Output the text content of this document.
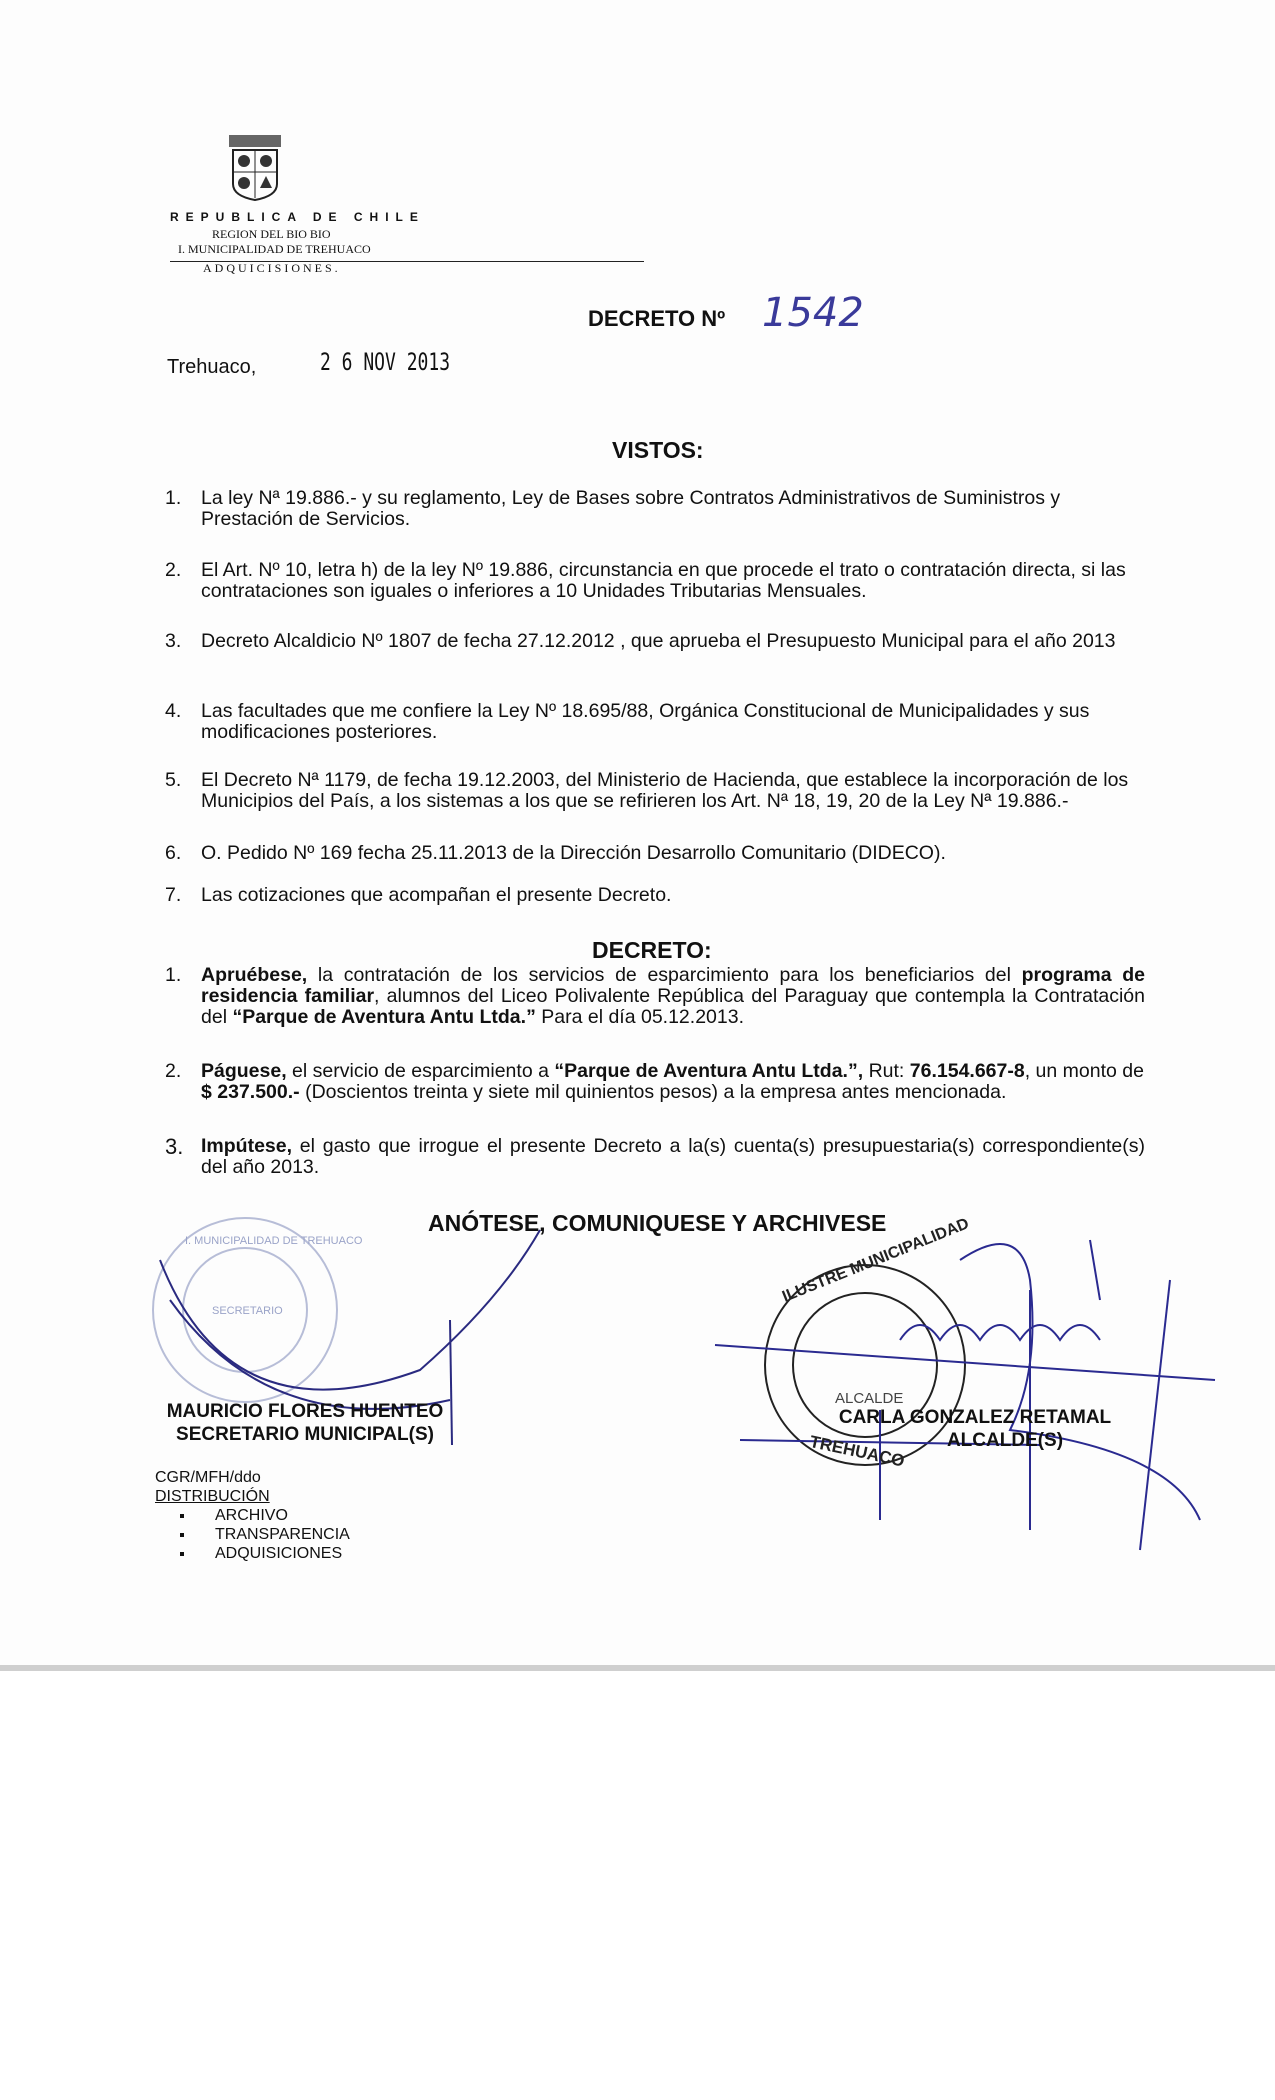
REPUBLICA DE CHILE
REGION DEL BIO BIO
I. MUNICIPALIDAD DE TREHUACO
ADQUICISIONES.
DECRETO Nº 1542
Trehuaco,	2 6 NOV 2013
VISTOS:
1. La ley Nª 19.886.- y su reglamento, Ley de Bases sobre Contratos Administrativos de Suministros y Prestación de Servicios.
2. El Art. Nº 10, letra h) de la ley Nº 19.886, circunstancia en que procede el trato o contratación directa, si las contrataciones son iguales o inferiores a 10 Unidades Tributarias Mensuales.
3. Decreto Alcaldicio Nº 1807 de fecha 27.12.2012 , que aprueba el Presupuesto Municipal para el año 2013
4. Las facultades que me confiere la Ley Nº 18.695/88, Orgánica Constitucional de Municipalidades y sus modificaciones posteriores.
5. El Decreto Nª 1179, de fecha 19.12.2003, del Ministerio de Hacienda, que establece la incorporación de los Municipios del País, a los sistemas a los que se refirieren los Art. Nª 18, 19, 20 de la Ley Nª 19.886.-
6. O. Pedido Nº 169 fecha 25.11.2013 de la Dirección Desarrollo Comunitario (DIDECO).
7. Las cotizaciones que acompañan el presente Decreto.
DECRETO:
1. Apruébese, la contratación de los servicios de esparcimiento para los beneficiarios del programa de residencia familiar, alumnos del Liceo Polivalente República del Paraguay que contempla la Contratación del “Parque de Aventura Antu Ltda.” Para el día 05.12.2013.
2. Páguese, el servicio de esparcimiento a “Parque de Aventura Antu Ltda.”, Rut: 76.154.667-8, un monto de $ 237.500.- (Doscientos treinta y siete mil quinientos pesos) a la empresa antes mencionada.
3. Impútese, el gasto que irrogue el presente Decreto a la(s) cuenta(s) presupuestaria(s) correspondiente(s) del año 2013.
ANÓTESE, COMUNIQUESE Y ARCHIVESE
ILUSTRE MUNICIPALIDAD
TREHUACO
ALCALDE
MAURICIO FLORES HUENTEO
SECRETARIO MUNICIPAL(S)
CARLA GONZALEZ RETAMAL
ALCALDE(S)
I. MUNICIPALIDAD DE TREHUACO
SECRETARIO
CGR/MFH/ddo
DISTRIBUCIÓN
▪ ARCHIVO
▪ TRANSPARENCIA
▪ ADQUISICIONES
